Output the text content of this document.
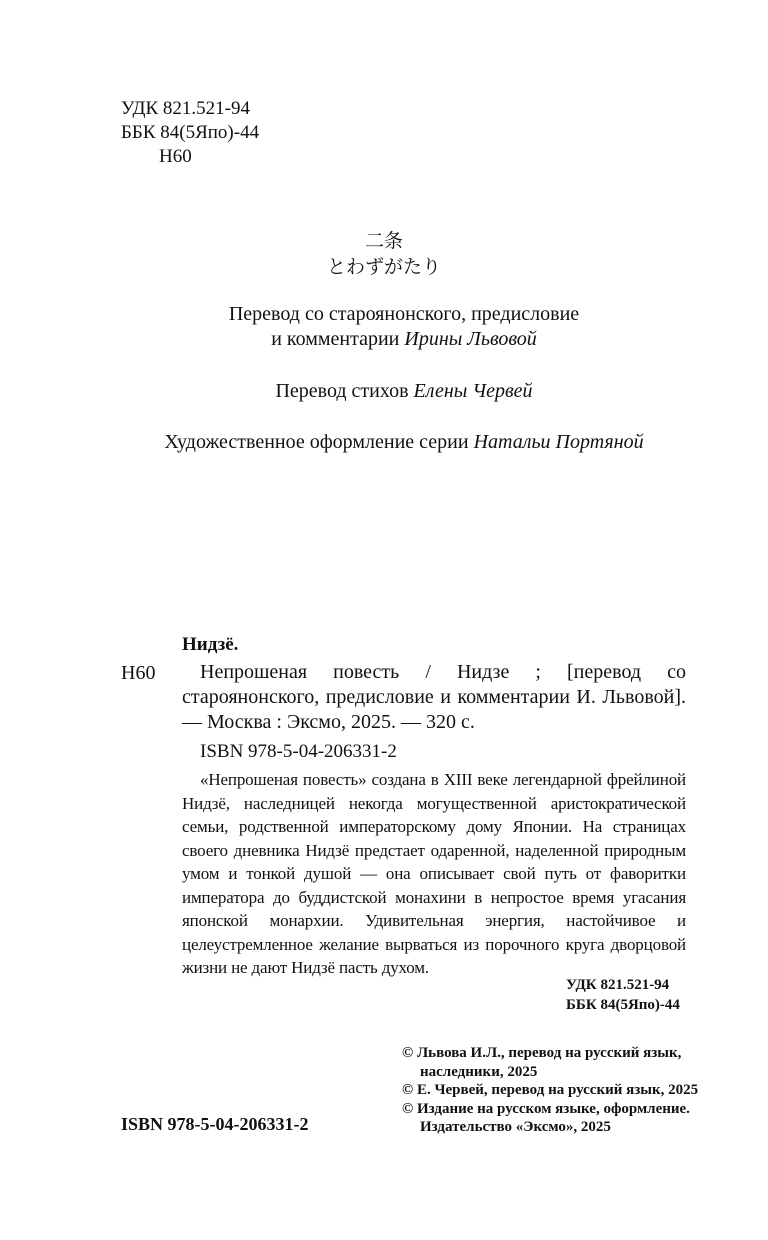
УДК 821.521-94
ББК 84(5Япо)-44
Н60
二条
とわずがたり
Перевод со староянонского, предисловие
и комментарии Ирины Львовой
Перевод стихов Елены Червей
Художественное оформление серии Натальи Портяной
Нидзё.
Н60	Непрошеная повесть / Нидзе ; [перевод со староянонского, предисловие и комментарии И. Львовой]. — Москва : Эксмо, 2025. — 320 с.
ISBN 978-5-04-206331-2
«Непрошеная повесть» создана в XIII веке легендарной фрейлиной Нидзё, наследницей некогда могущественной аристократической семьи, родственной императорскому дому Японии. На страницах своего дневника Нидзё предстает одаренной, наделенной природным умом и тонкой душой — она описывает свой путь от фаворитки императора до буддистской монахини в непростое время угасания японской монархии. Удивительная энергия, настойчивое и целеустремленное желание вырваться из порочного круга дворцовой жизни не дают Нидзё пасть духом.
УДК 821.521-94
ББК 84(5Япо)-44
© Львова И.Л., перевод на русский язык,
наследники, 2025
© Е. Червей, перевод на русский язык, 2025
© Издание на русском языке, оформление.
Издательство «Эксмо», 2025
ISBN 978-5-04-206331-2
